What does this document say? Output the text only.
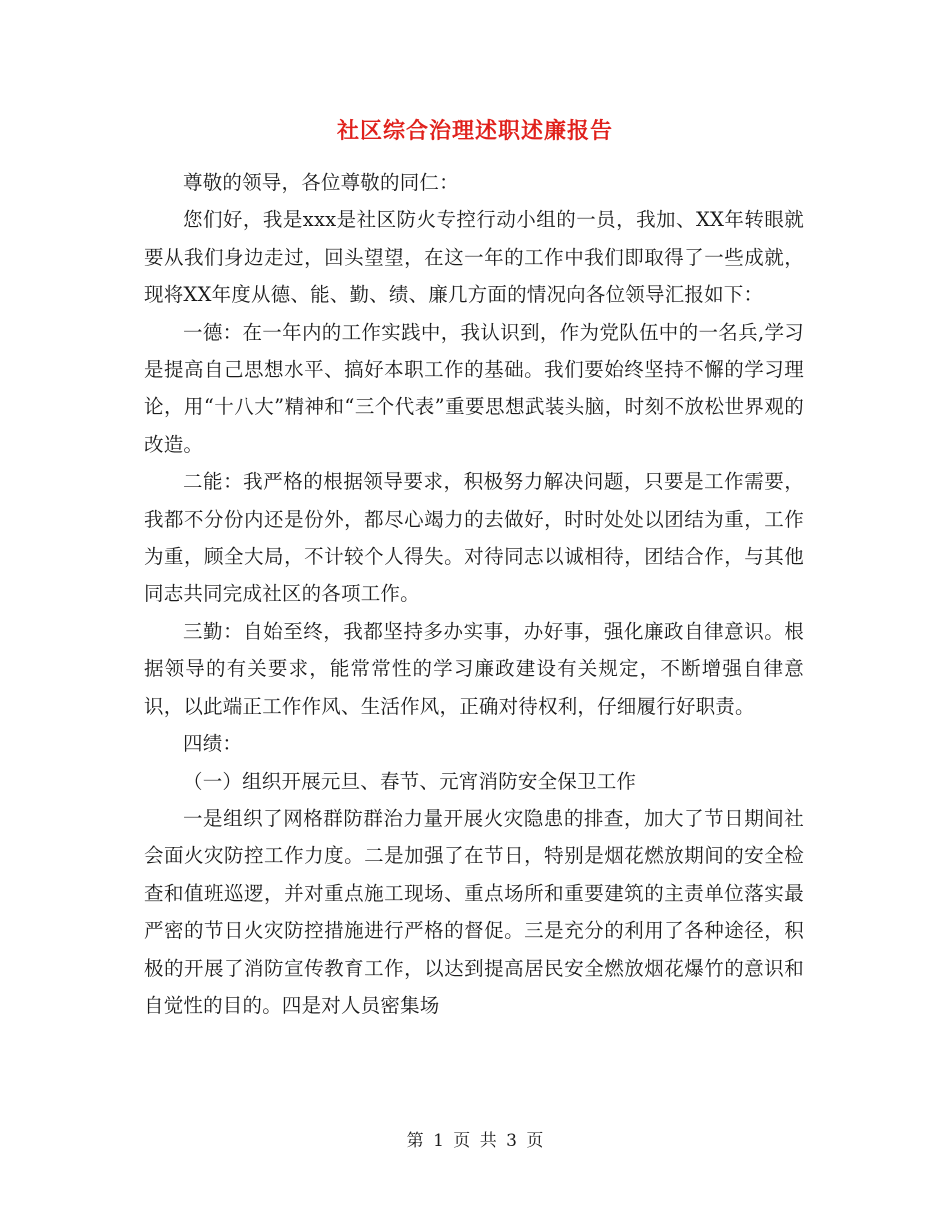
社区综合治理述职述廉报告

尊敬的领导，各位尊敬的同仁：

您们好，我是xxx是社区防火专控行动小组的一员，我加、XX年转眼就要从我们身边走过，回头望望，在这一年的工作中我们即取得了一些成就，现将XX年度从德、能、勤、绩、廉几方面的情况向各位领导汇报如下：

一德：在一年内的工作实践中，我认识到，作为党队伍中的一名兵,学习是提高自己思想水平、搞好本职工作的基础。我们要始终坚持不懈的学习理论，用“十八大”精神和“三个代表”重要思想武装头脑，时刻不放松世界观的改造。

二能：我严格的根据领导要求，积极努力解决问题，只要是工作需要，我都不分份内还是份外，都尽心竭力的去做好，时时处处以团结为重，工作为重，顾全大局，不计较个人得失。对待同志以诚相待，团结合作，与其他同志共同完成社区的各项工作。

三勤：自始至终，我都坚持多办实事，办好事，强化廉政自律意识。根据领导的有关要求，能常常性的学习廉政建设有关规定，不断增强自律意识，以此端正工作作风、生活作风，正确对待权利，仔细履行好职责。

四绩：

（一）组织开展元旦、春节、元宵消防安全保卫工作

一是组织了网格群防群治力量开展火灾隐患的排查，加大了节日期间社会面火灾防控工作力度。二是加强了在节日，特别是烟花燃放期间的安全检查和值班巡逻，并对重点施工现场、重点场所和重要建筑的主责单位落实最严密的节日火灾防控措施进行严格的督促。三是充分的利用了各种途径，积极的开展了消防宣传教育工作，以达到提高居民安全燃放烟花爆竹的意识和自觉性的目的。四是对人员密集场

第 1 页 共 3 页
